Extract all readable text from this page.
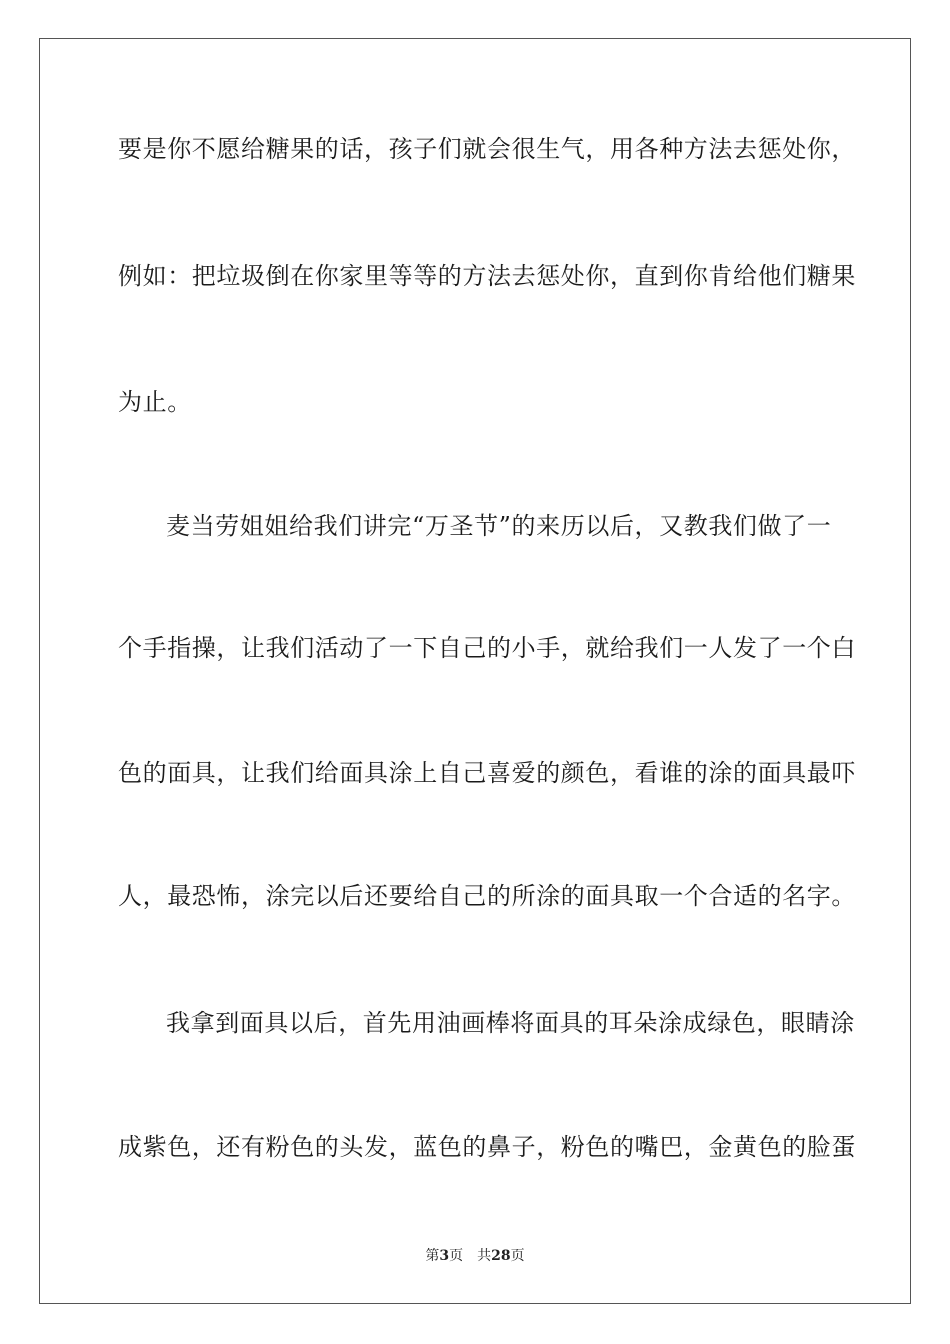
要是你不愿给糖果的话，孩子们就会很生气，用各种方法去惩处你，
例如：把垃圾倒在你家里等等的方法去惩处你，直到你肯给他们糖果
为止。
麦当劳姐姐给我们讲完“万圣节”的来历以后，又教我们做了一
个手指操，让我们活动了一下自己的小手，就给我们一人发了一个白
色的面具，让我们给面具涂上自己喜爱的颜色，看谁的涂的面具最吓
人，最恐怖，涂完以后还要给自己的所涂的面具取一个合适的名字。
我拿到面具以后，首先用油画棒将面具的耳朵涂成绿色，眼睛涂
成紫色，还有粉色的头发，蓝色的鼻子，粉色的嘴巴，金黄色的脸蛋
第3页 共28页
